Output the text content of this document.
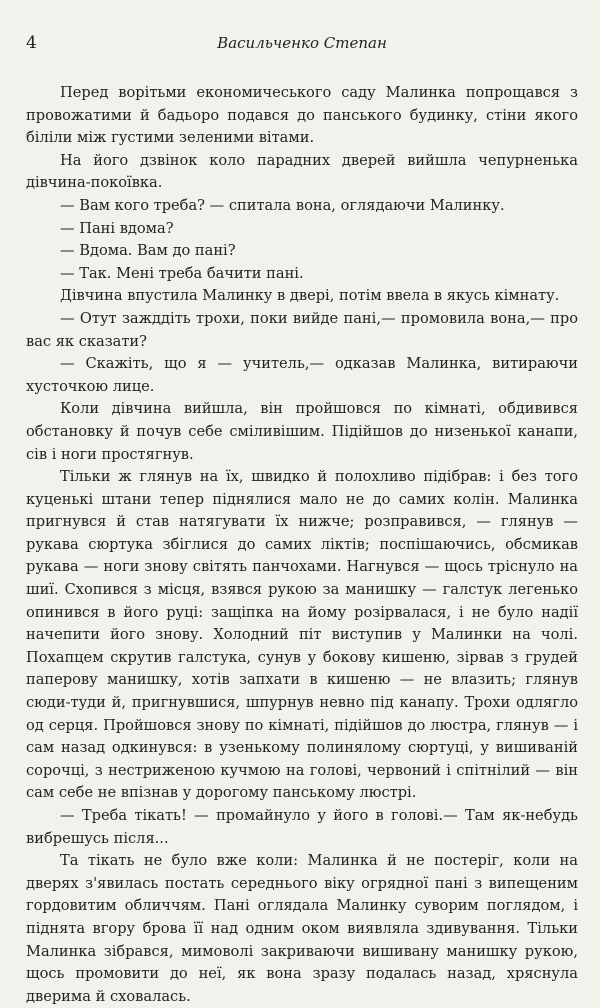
4	Васильченко Степан

Перед ворітьми економичеського саду Малинка попрощався з провожатими й бадьоро подався до панського будинку, стіни якого біліли між густими зеленими вітами.

На його дзвінок коло парадних дверей вийшла чепурненька дівчина-покоївка.

— Вам кого треба? — спитала вона, оглядаючи Малинку.

— Пані вдома?

— Вдома. Вам до пані?

— Так. Мені треба бачити пані.

Дівчина впустила Малинку в двері, потім ввела в якусь кімнату.

— Отут зажддіть трохи, поки вийде пані,— промовила вона,— про вас як сказати?

— Скажіть, що я — учитель,— одказав Малинка, витираючи хусточкою лице.

Коли дівчина вийшла, він пройшовся по кімнаті, обдивився обстановку й почув себе сміливішим. Підійшов до низенької канапи, сів і ноги простягнув.

Тільки ж глянув на їх, швидко й полохливо підібрав: і без того куценькі штани тепер піднялися мало не до самих колін. Малинка пригнувся й став натягувати їх нижче; розправився, — глянув — рукава сюртука збіглися до самих ліктів; поспішаючись, обсмикав рукава — ноги знову світять панчохами. Нагнувся — щось тріснуло на шиї. Схопився з місця, взявся рукою за манишку — галстук легенько опинився в його руці: защіпка на йому розірвалася, і не було надії начепити його знову. Холодний піт виступив у Малинки на чолі. Похапцем скрутив галстука, сунув у бокову кишеню, зірвав з грудей паперову манишку, хотів запхати в кишеню — не влазить; глянув сюди-туди й, пригнувшися, шпурнув невно під канапу. Трохи одлягло од серця. Пройшовся знову по кімнаті, підійшов до люстра, глянув — і сам назад одкинувся: в узенькому полинялому сюртуці, у вишиваній сорочці, з нестриженою кучмою на голові, червоний і спітнілий — він сам себе не впізнав у дорогому панському люстрі.

— Треба тікать! — промайнуло у його в голові.— Там як-небудь вибрешусь після...

Та тікать не було вже коли: Малинка й не постеріг, коли на дверях з'явилась постать середнього віку огрядної пані з випещеним гордовитим обличчям. Пані оглядала Малинку суворим поглядом, і піднята вгору брова її над одним оком виявляла здивування. Тільки Малинка зібрався, мимоволі закриваючи вишивану манишку рукою, щось промовити до неї, як вона зразу подалась назад, хряснула дверима й сховалась.
